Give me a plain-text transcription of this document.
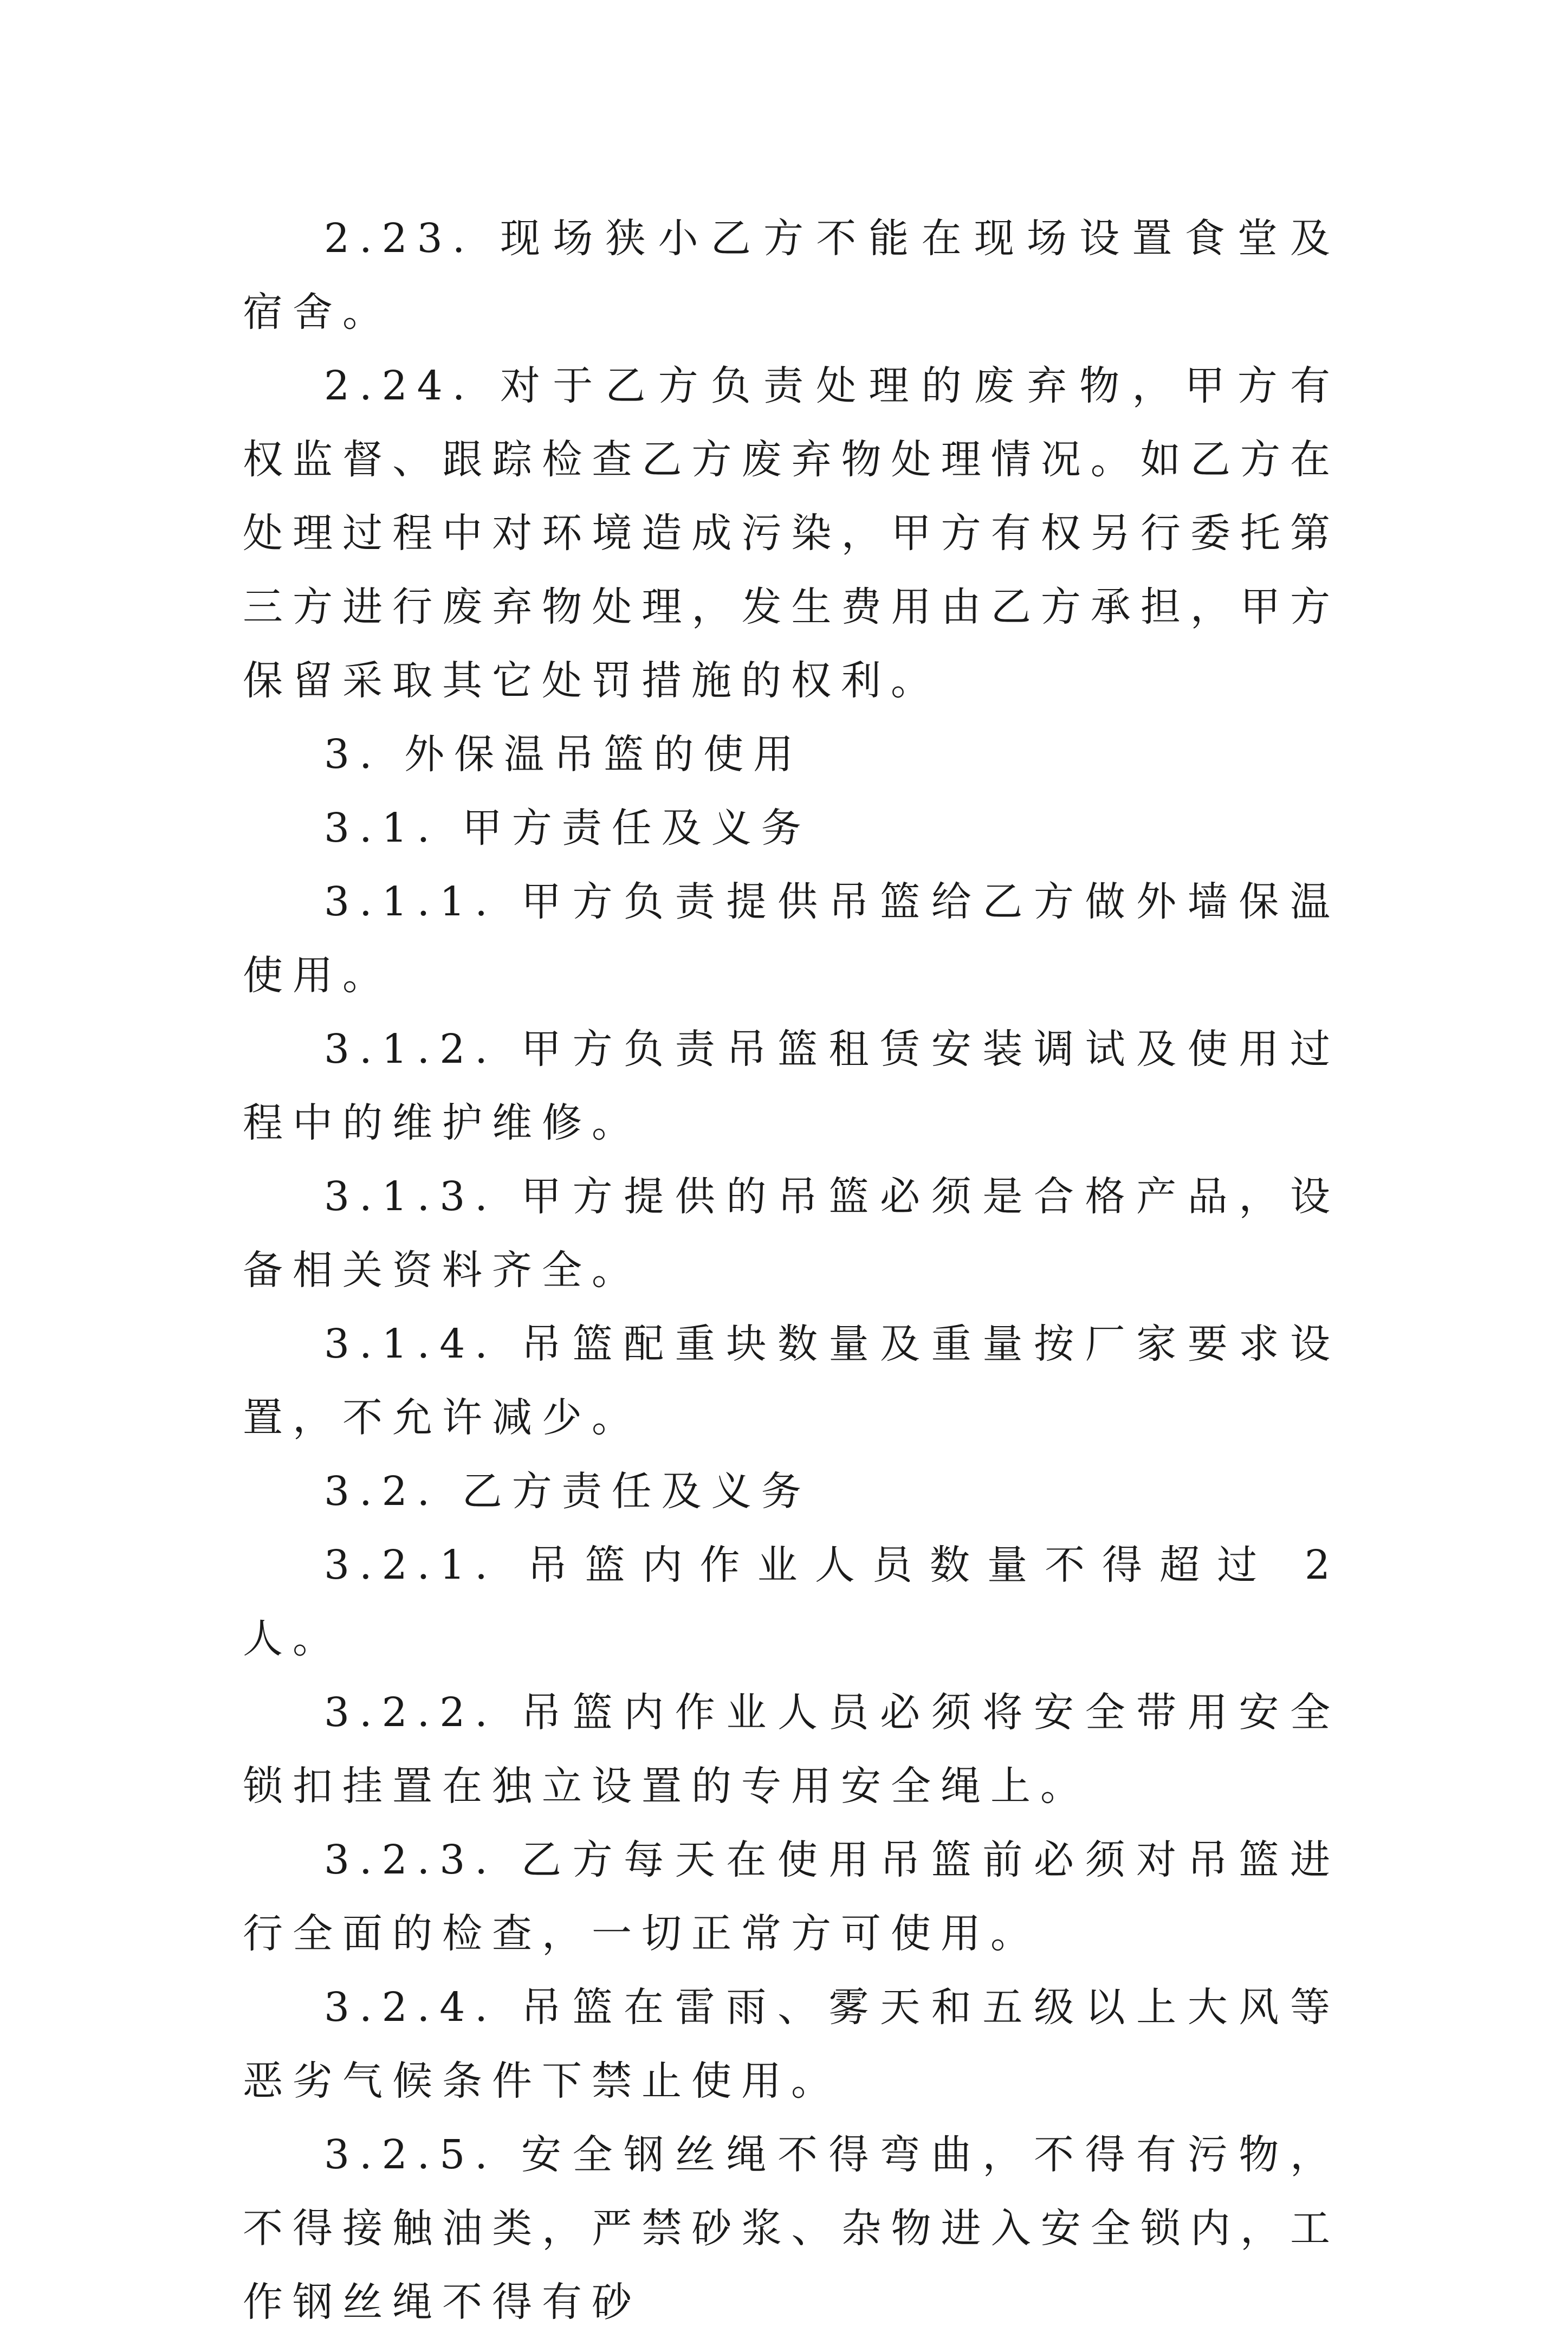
2.23. 现场狭小乙方不能在现场设置食堂及宿舍。

2.24. 对于乙方负责处理的废弃物，甲方有权监督、跟踪检查乙方废弃物处理情况。如乙方在处理过程中对环境造成污染，甲方有权另行委托第三方进行废弃物处理，发生费用由乙方承担，甲方保留采取其它处罚措施的权利。

3. 外保温吊篮的使用

3.1. 甲方责任及义务

3.1.1. 甲方负责提供吊篮给乙方做外墙保温使用。

3.1.2. 甲方负责吊篮租赁安装调试及使用过程中的维护维修。

3.1.3. 甲方提供的吊篮必须是合格产品，设备相关资料齐全。

3.1.4. 吊篮配重块数量及重量按厂家要求设置，不允许减少。

3.2. 乙方责任及义务

3.2.1. 吊篮内作业人员数量不得超过 2 人。

3.2.2. 吊篮内作业人员必须将安全带用安全锁扣挂置在独立设置的专用安全绳上。

3.2.3. 乙方每天在使用吊篮前必须对吊篮进行全面的检查，一切正常方可使用。

3.2.4. 吊篮在雷雨、雾天和五级以上大风等恶劣气候条件下禁止使用。

3.2.5. 安全钢丝绳不得弯曲，不得有污物，不得接触油类，严禁砂浆、杂物进入安全锁内，工作钢丝绳不得有砂
